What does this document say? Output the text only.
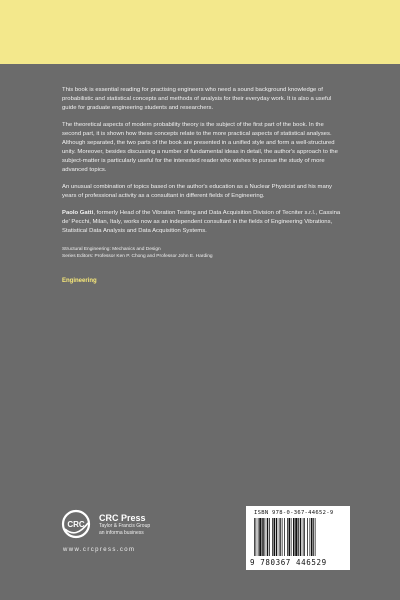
This book is essential reading for practising engineers who need a sound background knowledge of probabilistic and statistical concepts and methods of analysis for their everyday work. It is also a useful guide for graduate engineering students and researchers.

The theoretical aspects of modern probability theory is the subject of the first part of the book. In the second part, it is shown how these concepts relate to the more practical aspects of statistical analyses. Although separated, the two parts of the book are presented in a unified style and form a well-structured unity. Moreover, besides discussing a number of fundamental ideas in detail, the author's approach to the subject-matter is particularly useful for the interested reader who wishes to pursue the study of more advanced topics.

An unusual combination of topics based on the author's education as a Nuclear Physicist and his many years of professional activity as a consultant in different fields of Engineering.

Paolo Gatti, formerly Head of the Vibration Testing and Data Acquisition Division of Tecniter s.r.l., Cassina de' Pecchi, Milan, Italy, works now as an independent consultant in the fields of Engineering Vibrations, Statistical Data Analysis and Data Acquisition Systems.

Structural Engineering: Mechanics and Design
Series Editors: Professor Ken P. Chong and Professor John E. Harding
Engineering
CRC
CRC Press
Taylor & Francis Group
an informa business
www.crcpress.com
ISBN 978-0-367-44652-9
9 780367 446529
